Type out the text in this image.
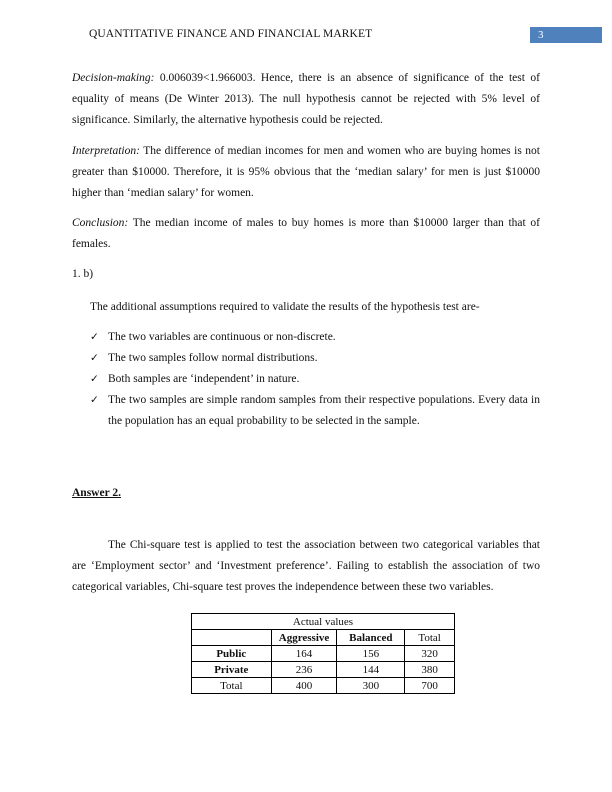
QUANTITATIVE FINANCE AND FINANCIAL MARKET	3
Decision-making: 0.006039<1.966003. Hence, there is an absence of significance of the test of equality of means (De Winter 2013). The null hypothesis cannot be rejected with 5% level of significance. Similarly, the alternative hypothesis could be rejected.
Interpretation: The difference of median incomes for men and women who are buying homes is not greater than $10000. Therefore, it is 95% obvious that the ‘median salary’ for men is just $10000 higher than ‘median salary’ for women.
Conclusion: The median income of males to buy homes is more than $10000 larger than that of females.
1. b)
The additional assumptions required to validate the results of the hypothesis test are-
✓ The two variables are continuous or non-discrete.
✓ The two samples follow normal distributions.
✓ Both samples are ‘independent’ in nature.
✓ The two samples are simple random samples from their respective populations. Every data in the population has an equal probability to be selected in the sample.
Answer 2.
The Chi-square test is applied to test the association between two categorical variables that are ‘Employment sector’ and ‘Investment preference’. Failing to establish the association of two categorical variables, Chi-square test proves the independence between these two variables.
Actual values			
	Aggressive	Balanced	Total
Public	164	156	320
Private	236	144	380
Total	400	300	700
